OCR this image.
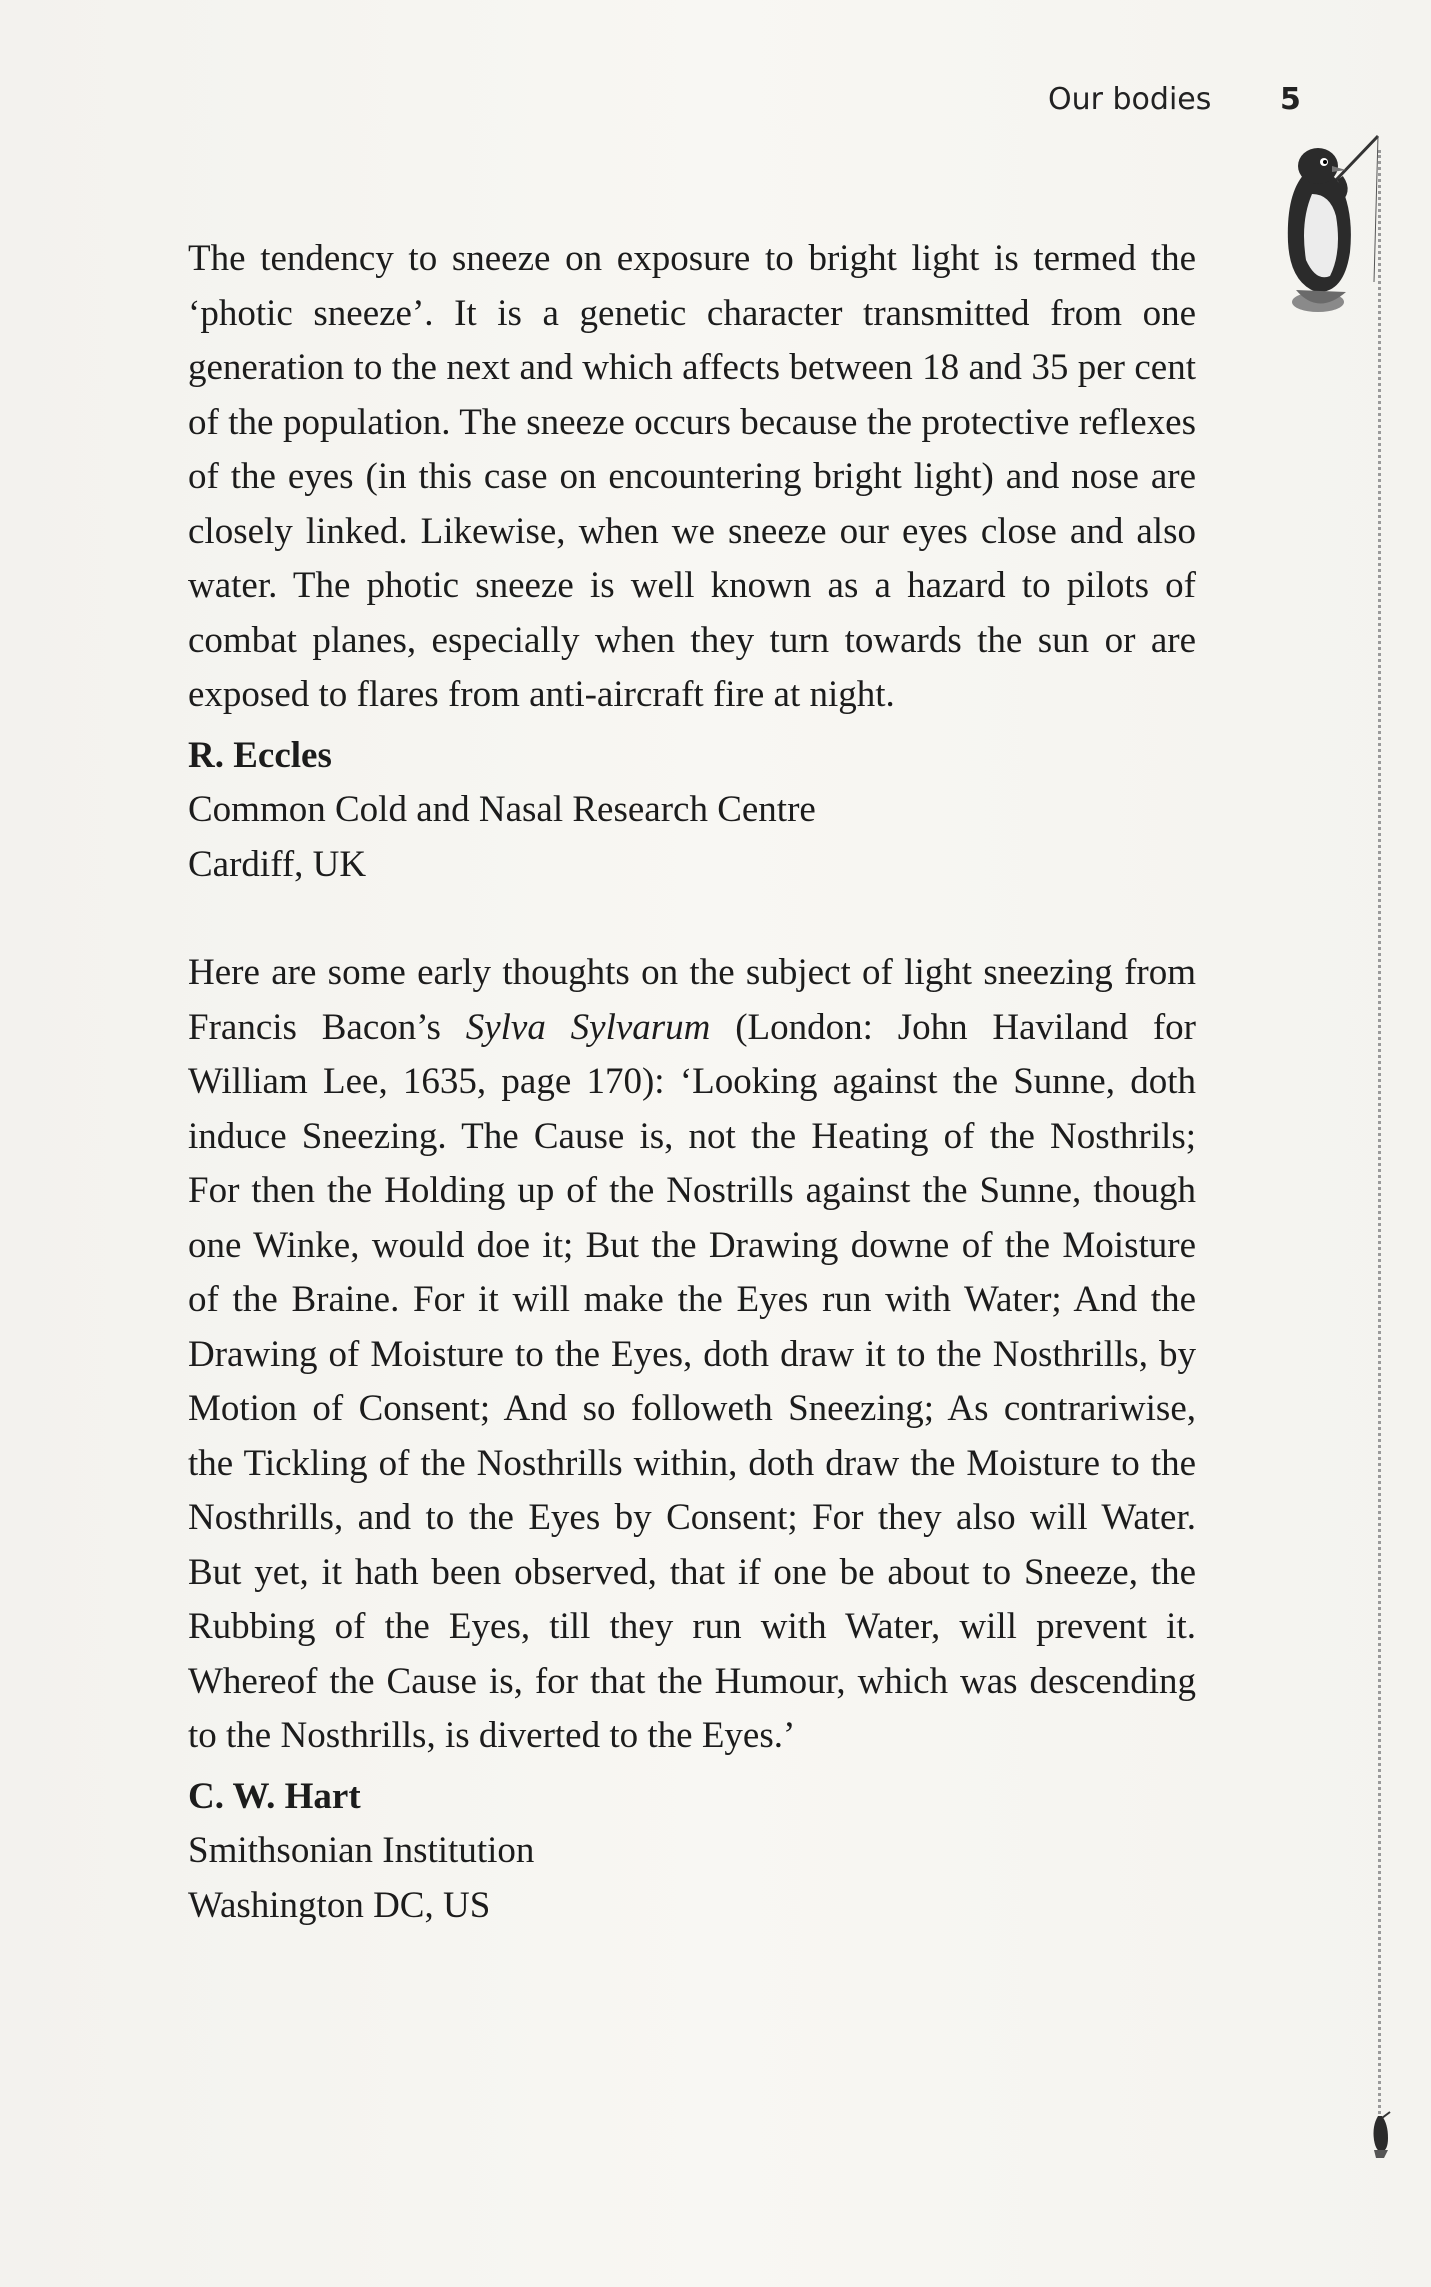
Our bodies 5

The tendency to sneeze on exposure to bright light is termed the ‘photic sneeze’. It is a genetic character transmitted from one generation to the next and which affects between 18 and 35 per cent of the population. The sneeze occurs because the protective reflexes of the eyes (in this case on encountering bright light) and nose are closely linked. Likewise, when we sneeze our eyes close and also water. The photic sneeze is well known as a hazard to pilots of combat planes, especially when they turn towards the sun or are exposed to flares from anti-aircraft fire at night.

R. Eccles
Common Cold and Nasal Research Centre
Cardiff, UK

Here are some early thoughts on the subject of light sneezing from Francis Bacon’s Sylva Sylvarum (London: John Haviland for William Lee, 1635, page 170): ‘Looking against the Sunne, doth induce Sneezing. The Cause is, not the Heating of the Nosthrils; For then the Holding up of the Nostrills against the Sunne, though one Winke, would doe it; But the Drawing downe of the Moisture of the Braine. For it will make the Eyes run with Water; And the Drawing of Moisture to the Eyes, doth draw it to the Nosthrills, by Motion of Consent; And so followeth Sneezing; As contrariwise, the Tickling of the Nosthrills within, doth draw the Moisture to the Nosthrills, and to the Eyes by Consent; For they also will Water. But yet, it hath been observed, that if one be about to Sneeze, the Rubbing of the Eyes, till they run with Water, will prevent it. Whereof the Cause is, for that the Humour, which was descending to the Nosthrills, is diverted to the Eyes.’

C. W. Hart
Smithsonian Institution
Washington DC, US
